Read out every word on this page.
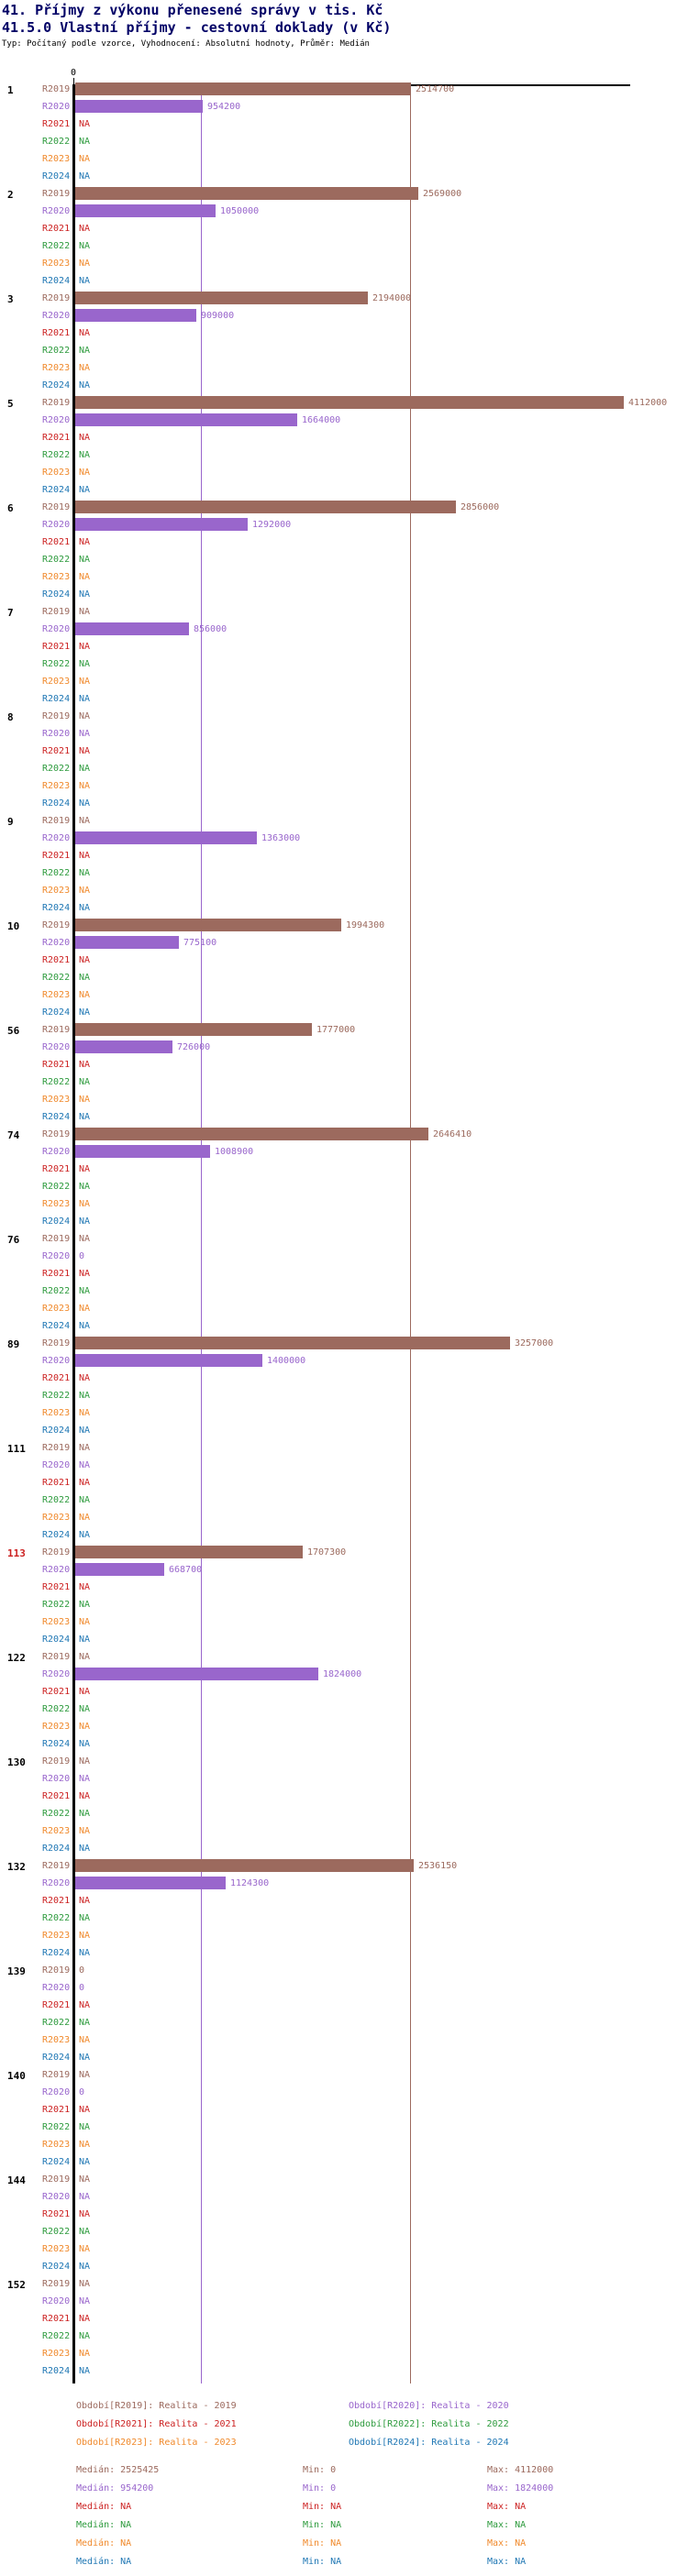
41. Příjmy z výkonu přenesené správy v tis. Kč
41.5.0 Vlastní příjmy - cestovní doklady (v Kč)
Typ: Počítaný podle vzorce, Vyhodnocení: Absolutní hodnoty, Průměr: Medián
0
1	R2019	2514700
R2020	954200
R2021 NA
R2022 NA
R2023 NA
R2024 NA
2	R2019	2569000
R2020	1050000
R2021 NA
R2022 NA
R2023 NA
R2024 NA
3	R2019	2194000
R2020	909000
R2021 NA
R2022 NA
R2023 NA
R2024 NA
5	R2019	4112000
R2020	1664000
R2021 NA
R2022 NA
R2023 NA
R2024 NA
6	R2019	2856000
R2020	1292000
R2021 NA
R2022 NA
R2023 NA
R2024 NA
7	R2019 NA
R2020	856000
R2021 NA
R2022 NA
R2023 NA
R2024 NA
8	R2019 NA
R2020 NA
R2021 NA
R2022 NA
R2023 NA
R2024 NA
9	R2019 NA
R2020	1363000
R2021 NA
R2022 NA
R2023 NA
R2024 NA
10 R2019	1994300
R2020	775100
R2021 NA
R2022 NA
R2023 NA
R2024 NA
56 R2019	1777000
R2020	726000
R2021 NA
R2022 NA
R2023 NA
R2024 NA
74 R2019	2646410
R2020	1008900
R2021 NA
R2022 NA
R2023 NA
R2024 NA
76 R2019 NA
R2020 0
R2021 NA
R2022 NA
R2023 NA
R2024 NA
89 R2019	3257000
R2020	1400000
R2021 NA
R2022 NA
R2023 NA
R2024 NA
111 R2019 NA
R2020 NA
R2021 NA
R2022 NA
R2023 NA
R2024 NA
113 R2019	1707300
R2020	668700
R2021 NA
R2022 NA
R2023 NA
R2024 NA
122 R2019 NA
R2020	1824000
R2021 NA
R2022 NA
R2023 NA
R2024 NA
130 R2019 NA
R2020 NA
R2021 NA
R2022 NA
R2023 NA
R2024 NA
132 R2019	2536150
R2020	1124300
R2021 NA
R2022 NA
R2023 NA
R2024 NA
139 R2019 0
R2020 0
R2021 NA
R2022 NA
R2023 NA
R2024 NA
140 R2019 NA
R2020 0
R2021 NA
R2022 NA
R2023 NA
R2024 NA
144 R2019 NA
R2020 NA
R2021 NA
R2022 NA
R2023 NA
R2024 NA
152 R2019 NA
R2020 NA
R2021 NA
R2022 NA
R2023 NA
R2024 NA
Období[R2019]: Realita - 2019	Období[R2020]: Realita - 2020
Období[R2021]: Realita - 2021	Období[R2022]: Realita - 2022
Období[R2023]: Realita - 2023	Období[R2024]: Realita - 2024
Medián: 2525425	Min: 0	Max: 4112000
Medián: 954200	Min: 0	Max: 1824000
Medián: NA	Min: NA	Max: NA
Medián: NA	Min: NA	Max: NA
Medián: NA	Min: NA	Max: NA
Medián: NA	Min: NA	Max: NA
